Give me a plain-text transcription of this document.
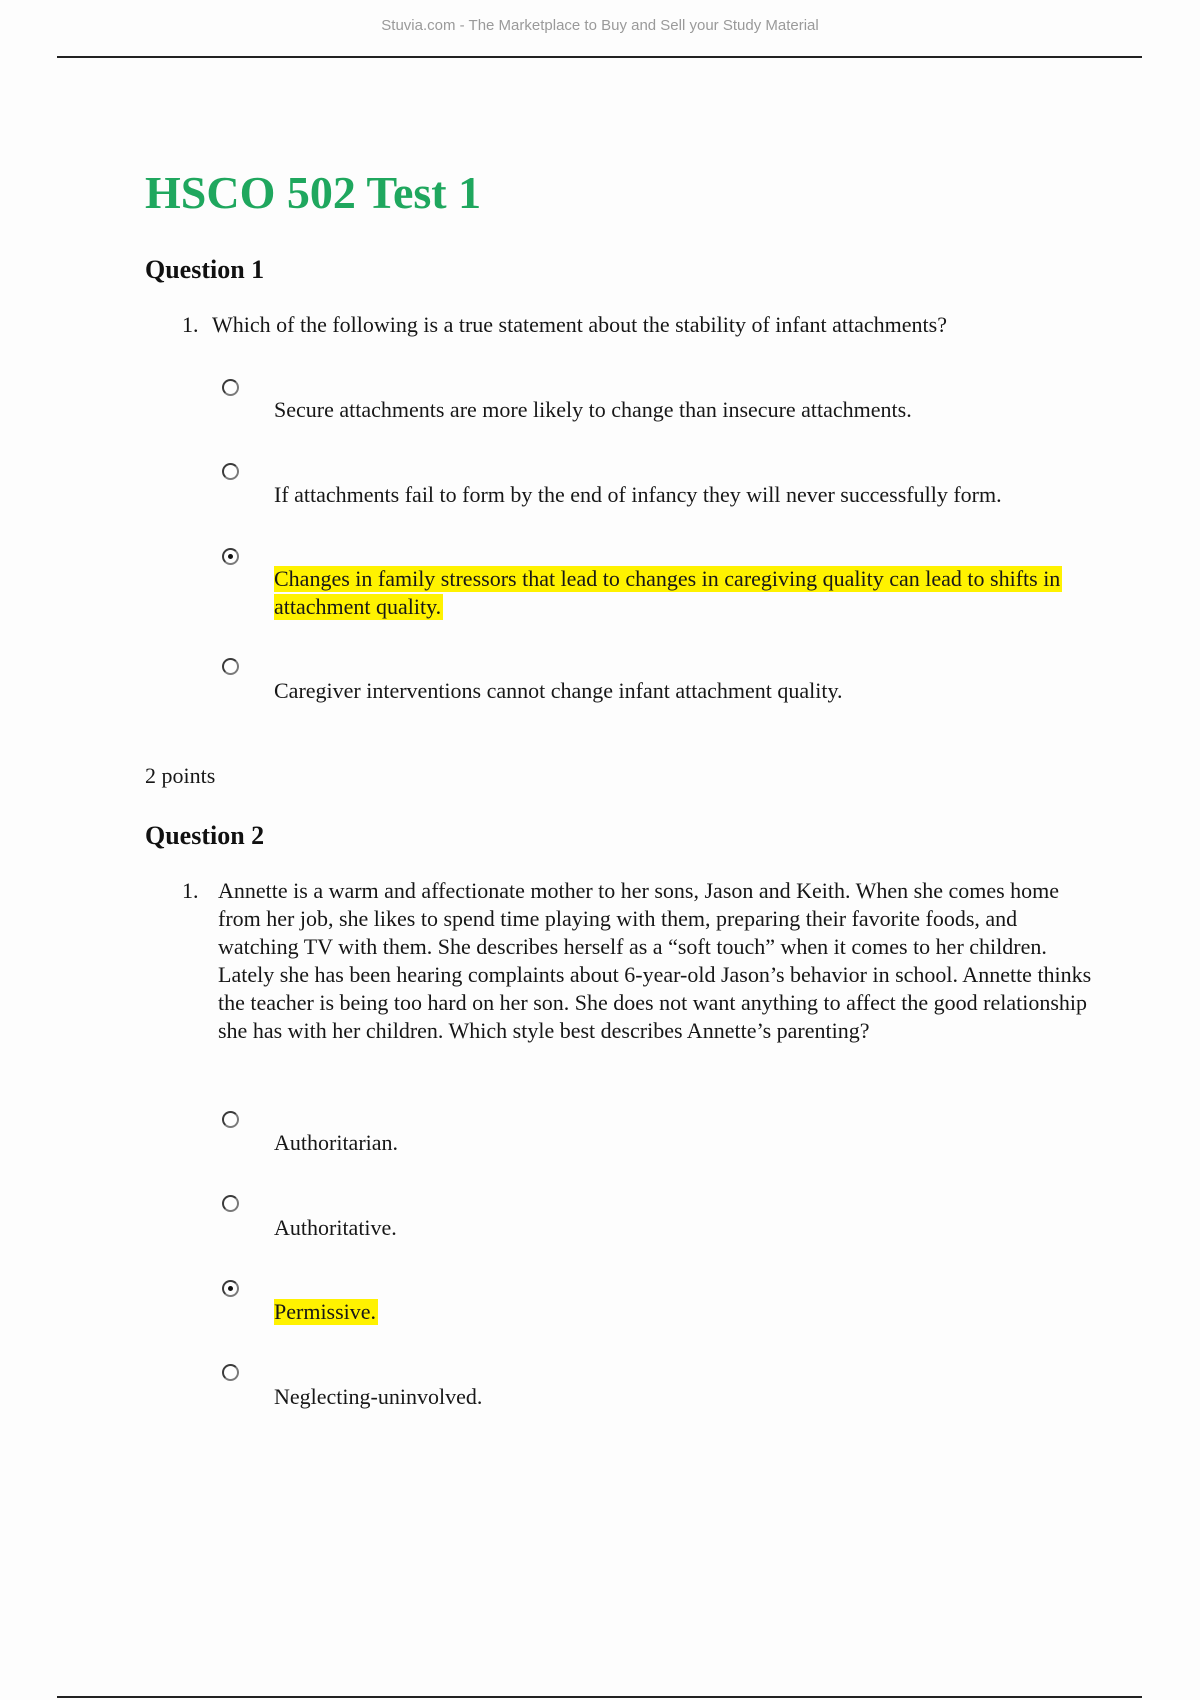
Stuvia.com - The Marketplace to Buy and Sell your Study Material
HSCO 502 Test 1
Question 1

1. Which of the following is a true statement about the stability of infant attachments?

Secure attachments are more likely to change than insecure attachments.

If attachments fail to form by the end of infancy they will never successfully form.

Changes in family stressors that lead to changes in caregiving quality can lead to shifts in attachment quality.

Caregiver interventions cannot change infant attachment quality.

2 points

Question 2

1. Annette is a warm and affectionate mother to her sons, Jason and Keith. When she comes home from her job, she likes to spend time playing with them, preparing their favorite foods, and watching TV with them. She describes herself as a “soft touch” when it comes to her children. Lately she has been hearing complaints about 6-year-old Jason’s behavior in school. Annette thinks the teacher is being too hard on her son. She does not want anything to affect the good relationship she has with her children. Which style best describes Annette’s parenting?

Authoritarian.

Authoritative.

Permissive.

Neglecting-uninvolved.
